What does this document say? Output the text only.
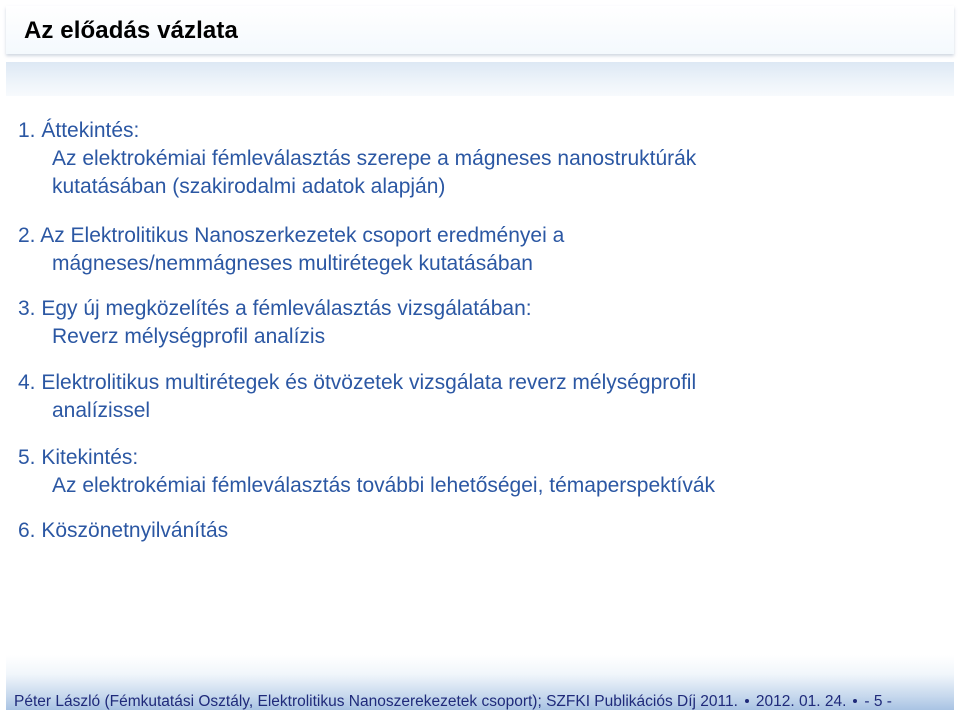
Az előadás vázlata
1. Áttekintés:
Az elektrokémiai fémleválasztás szerepe a mágneses nanostruktúrák
kutatásában (szakirodalmi adatok alapján)
2. Az Elektrolitikus Nanoszerkezetek csoport eredményei a
mágneses/nemmágneses multirétegek kutatásában
3. Egy új megközelítés a fémleválasztás vizsgálatában:
Reverz mélységprofil analízis
4. Elektrolitikus multirétegek és ötvözetek vizsgálata reverz mélységprofil
analízissel
5. Kitekintés:
Az elektrokémiai fémleválasztás további lehetőségei, témaperspektívák
6. Köszönetnyilvánítás
Péter László (Fémkutatási Osztály, Elektrolitikus Nanoszerekezetek csoport); SZFKI Publikációs Díj 2011. 2012. 01. 24. - 5 -
